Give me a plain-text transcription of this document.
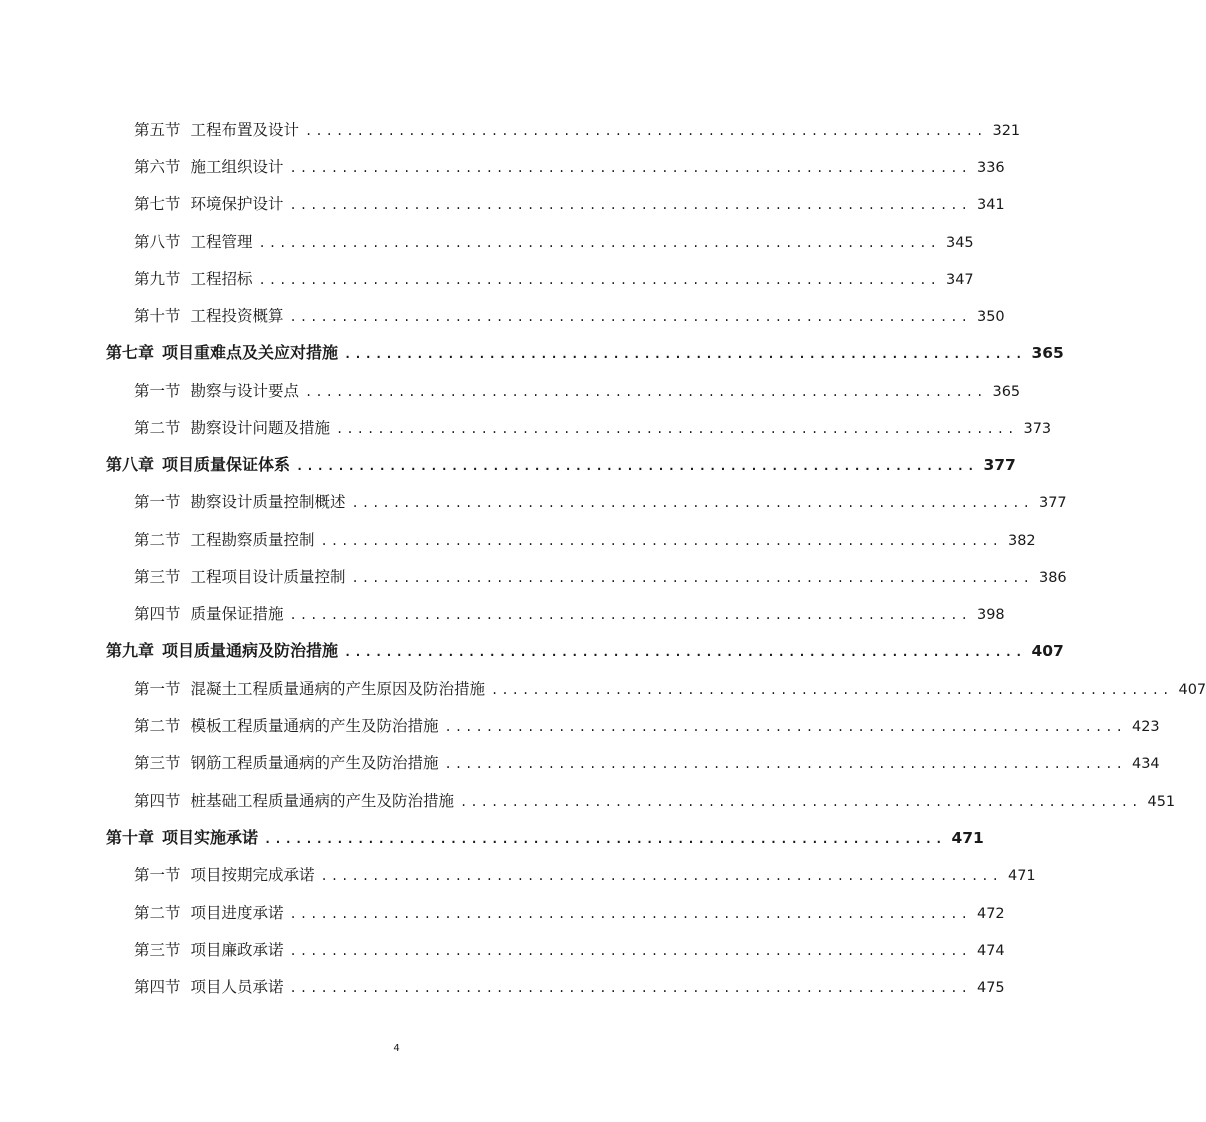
第五节 工程布置及设计 .................................................................. 321
第六节 施工组织设计 .................................................................. 336
第七节 环境保护设计 .................................................................. 341
第八节 工程管理 .................................................................. 345
第九节 工程招标 .................................................................. 347
第十节 工程投资概算 .................................................................. 350
第七章 项目重难点及关应对措施 .................................................................. 365
第一节 勘察与设计要点 .................................................................. 365
第二节 勘察设计问题及措施 .................................................................. 373
第八章 项目质量保证体系 .................................................................. 377
第一节 勘察设计质量控制概述 .................................................................. 377
第二节 工程勘察质量控制 .................................................................. 382
第三节 工程项目设计质量控制 .................................................................. 386
第四节 质量保证措施 .................................................................. 398
第九章 项目质量通病及防治措施 .................................................................. 407
第一节 混凝土工程质量通病的产生原因及防治措施 .................................................................. 407
第二节 模板工程质量通病的产生及防治措施 .................................................................. 423
第三节 钢筋工程质量通病的产生及防治措施 .................................................................. 434
第四节 桩基础工程质量通病的产生及防治措施 .................................................................. 451
第十章 项目实施承诺 .................................................................. 471
第一节 项目按期完成承诺 .................................................................. 471
第二节 项目进度承诺 .................................................................. 472
第三节 项目廉政承诺 .................................................................. 474
第四节 项目人员承诺 .................................................................. 475
4
